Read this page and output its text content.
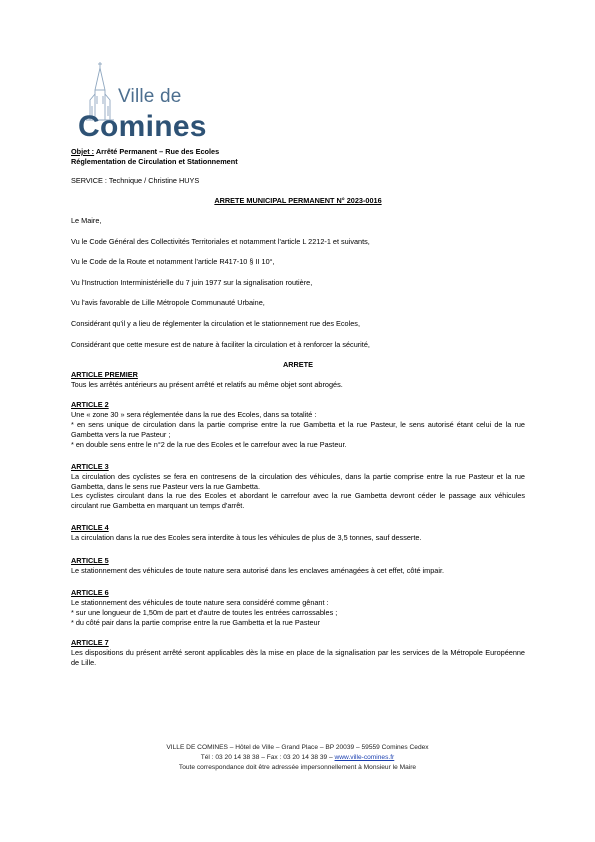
Ville de
Comines
Objet : Arrêté Permanent – Rue des Ecoles
Réglementation de Circulation et Stationnement
SERVICE : Technique / Christine HUYS
ARRETE MUNICIPAL PERMANENT N° 2023-0016
Le Maire,
Vu le Code Général des Collectivités Territoriales et notamment l'article L 2212-1 et suivants,
Vu le Code de la Route et notamment l'article R417-10 § II 10°,
Vu l'Instruction Interministérielle du 7 juin 1977 sur la signalisation routière,
Vu l'avis favorable de Lille Métropole Communauté Urbaine,
Considérant qu'il y a lieu de réglementer la circulation et le stationnement rue des Ecoles,
Considérant que cette mesure est de nature à faciliter la circulation et à renforcer la sécurité,
ARRETE
ARTICLE PREMIER
Tous les arrêtés antérieurs au présent arrêté et relatifs au même objet sont abrogés.
ARTICLE 2
Une « zone 30 » sera réglementée dans la rue des Ecoles, dans sa totalité :
* en sens unique de circulation dans la partie comprise entre la rue Gambetta et la rue Pasteur, le sens autorisé étant celui de la rue Gambetta vers la rue Pasteur ;
* en double sens entre le n°2 de la rue des Ecoles et le carrefour avec la rue Pasteur.
ARTICLE 3
La circulation des cyclistes se fera en contresens de la circulation des véhicules, dans la partie comprise entre la rue Pasteur et la rue Gambetta, dans le sens rue Pasteur vers la rue Gambetta.
Les cyclistes circulant dans la rue des Ecoles et abordant le carrefour avec la rue Gambetta devront céder le passage aux véhicules circulant rue Gambetta en marquant un temps d'arrêt.
ARTICLE 4
La circulation dans la rue des Ecoles sera interdite à tous les véhicules de plus de 3,5 tonnes, sauf desserte.
ARTICLE 5
Le stationnement des véhicules de toute nature sera autorisé dans les enclaves aménagées à cet effet, côté impair.
ARTICLE 6
Le stationnement des véhicules de toute nature sera considéré comme gênant :
* sur une longueur de 1,50m de part et d'autre de toutes les entrées carrossables ;
* du côté pair dans la partie comprise entre la rue Gambetta et la rue Pasteur
ARTICLE 7
Les dispositions du présent arrêté seront applicables dès la mise en place de la signalisation par les services de la Métropole Européenne de Lille.
VILLE DE COMINES – Hôtel de Ville – Grand Place – BP 20039 – 59559 Comines Cedex
Tél : 03 20 14 38 38 – Fax : 03 20 14 38 39 – www.ville-comines.fr
Toute correspondance doit être adressée impersonnellement à Monsieur le Maire
